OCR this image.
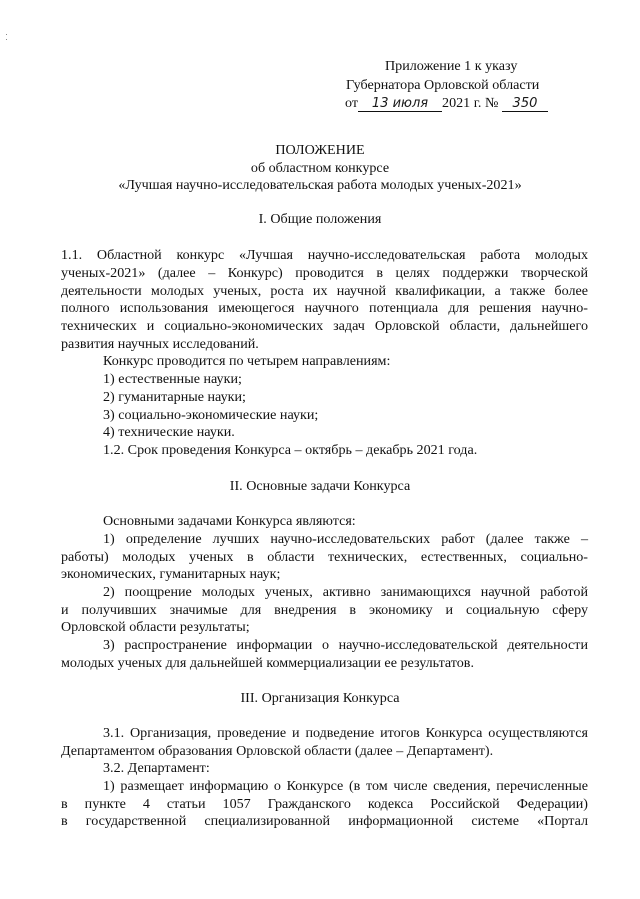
Приложение 1 к указу
Губернатора Орловской области
от 13 июля 2021 г. № 350
ПОЛОЖЕНИЕ
об областном конкурсе
«Лучшая научно-исследовательская работа молодых ученых-2021»
I. Общие положения
1.1. Областной конкурс «Лучшая научно-исследовательская работа молодых
ученых-2021» (далее – Конкурс) проводится в целях поддержки творческой
деятельности молодых ученых, роста их научной квалификации, а также более
полного использования имеющегося научного потенциала для решения научно-
технических и социально-экономических задач Орловской области, дальнейшего
развития научных исследований.
Конкурс проводится по четырем направлениям:
1) естественные науки;
2) гуманитарные науки;
3) социально-экономические науки;
4) технические науки.
1.2. Срок проведения Конкурса – октябрь – декабрь 2021 года.
II. Основные задачи Конкурса
Основными задачами Конкурса являются:
1) определение лучших научно-исследовательских работ (далее также –
работы) молодых ученых в области технических, естественных, социально-
экономических, гуманитарных наук;
2) поощрение молодых ученых, активно занимающихся научной работой
и получивших значимые для внедрения в экономику и социальную сферу
Орловской области результаты;
3) распространение информации о научно-исследовательской деятельности
молодых ученых для дальнейшей коммерциализации ее результатов.
III. Организация Конкурса
3.1. Организация, проведение и подведение итогов Конкурса осуществляются
Департаментом образования Орловской области (далее – Департамент).
3.2. Департамент:
1) размещает информацию о Конкурсе (в том числе сведения, перечисленные
в пункте 4 статьи 1057 Гражданского кодекса Российской Федерации)
в государственной специализированной информационной системе «Портал
